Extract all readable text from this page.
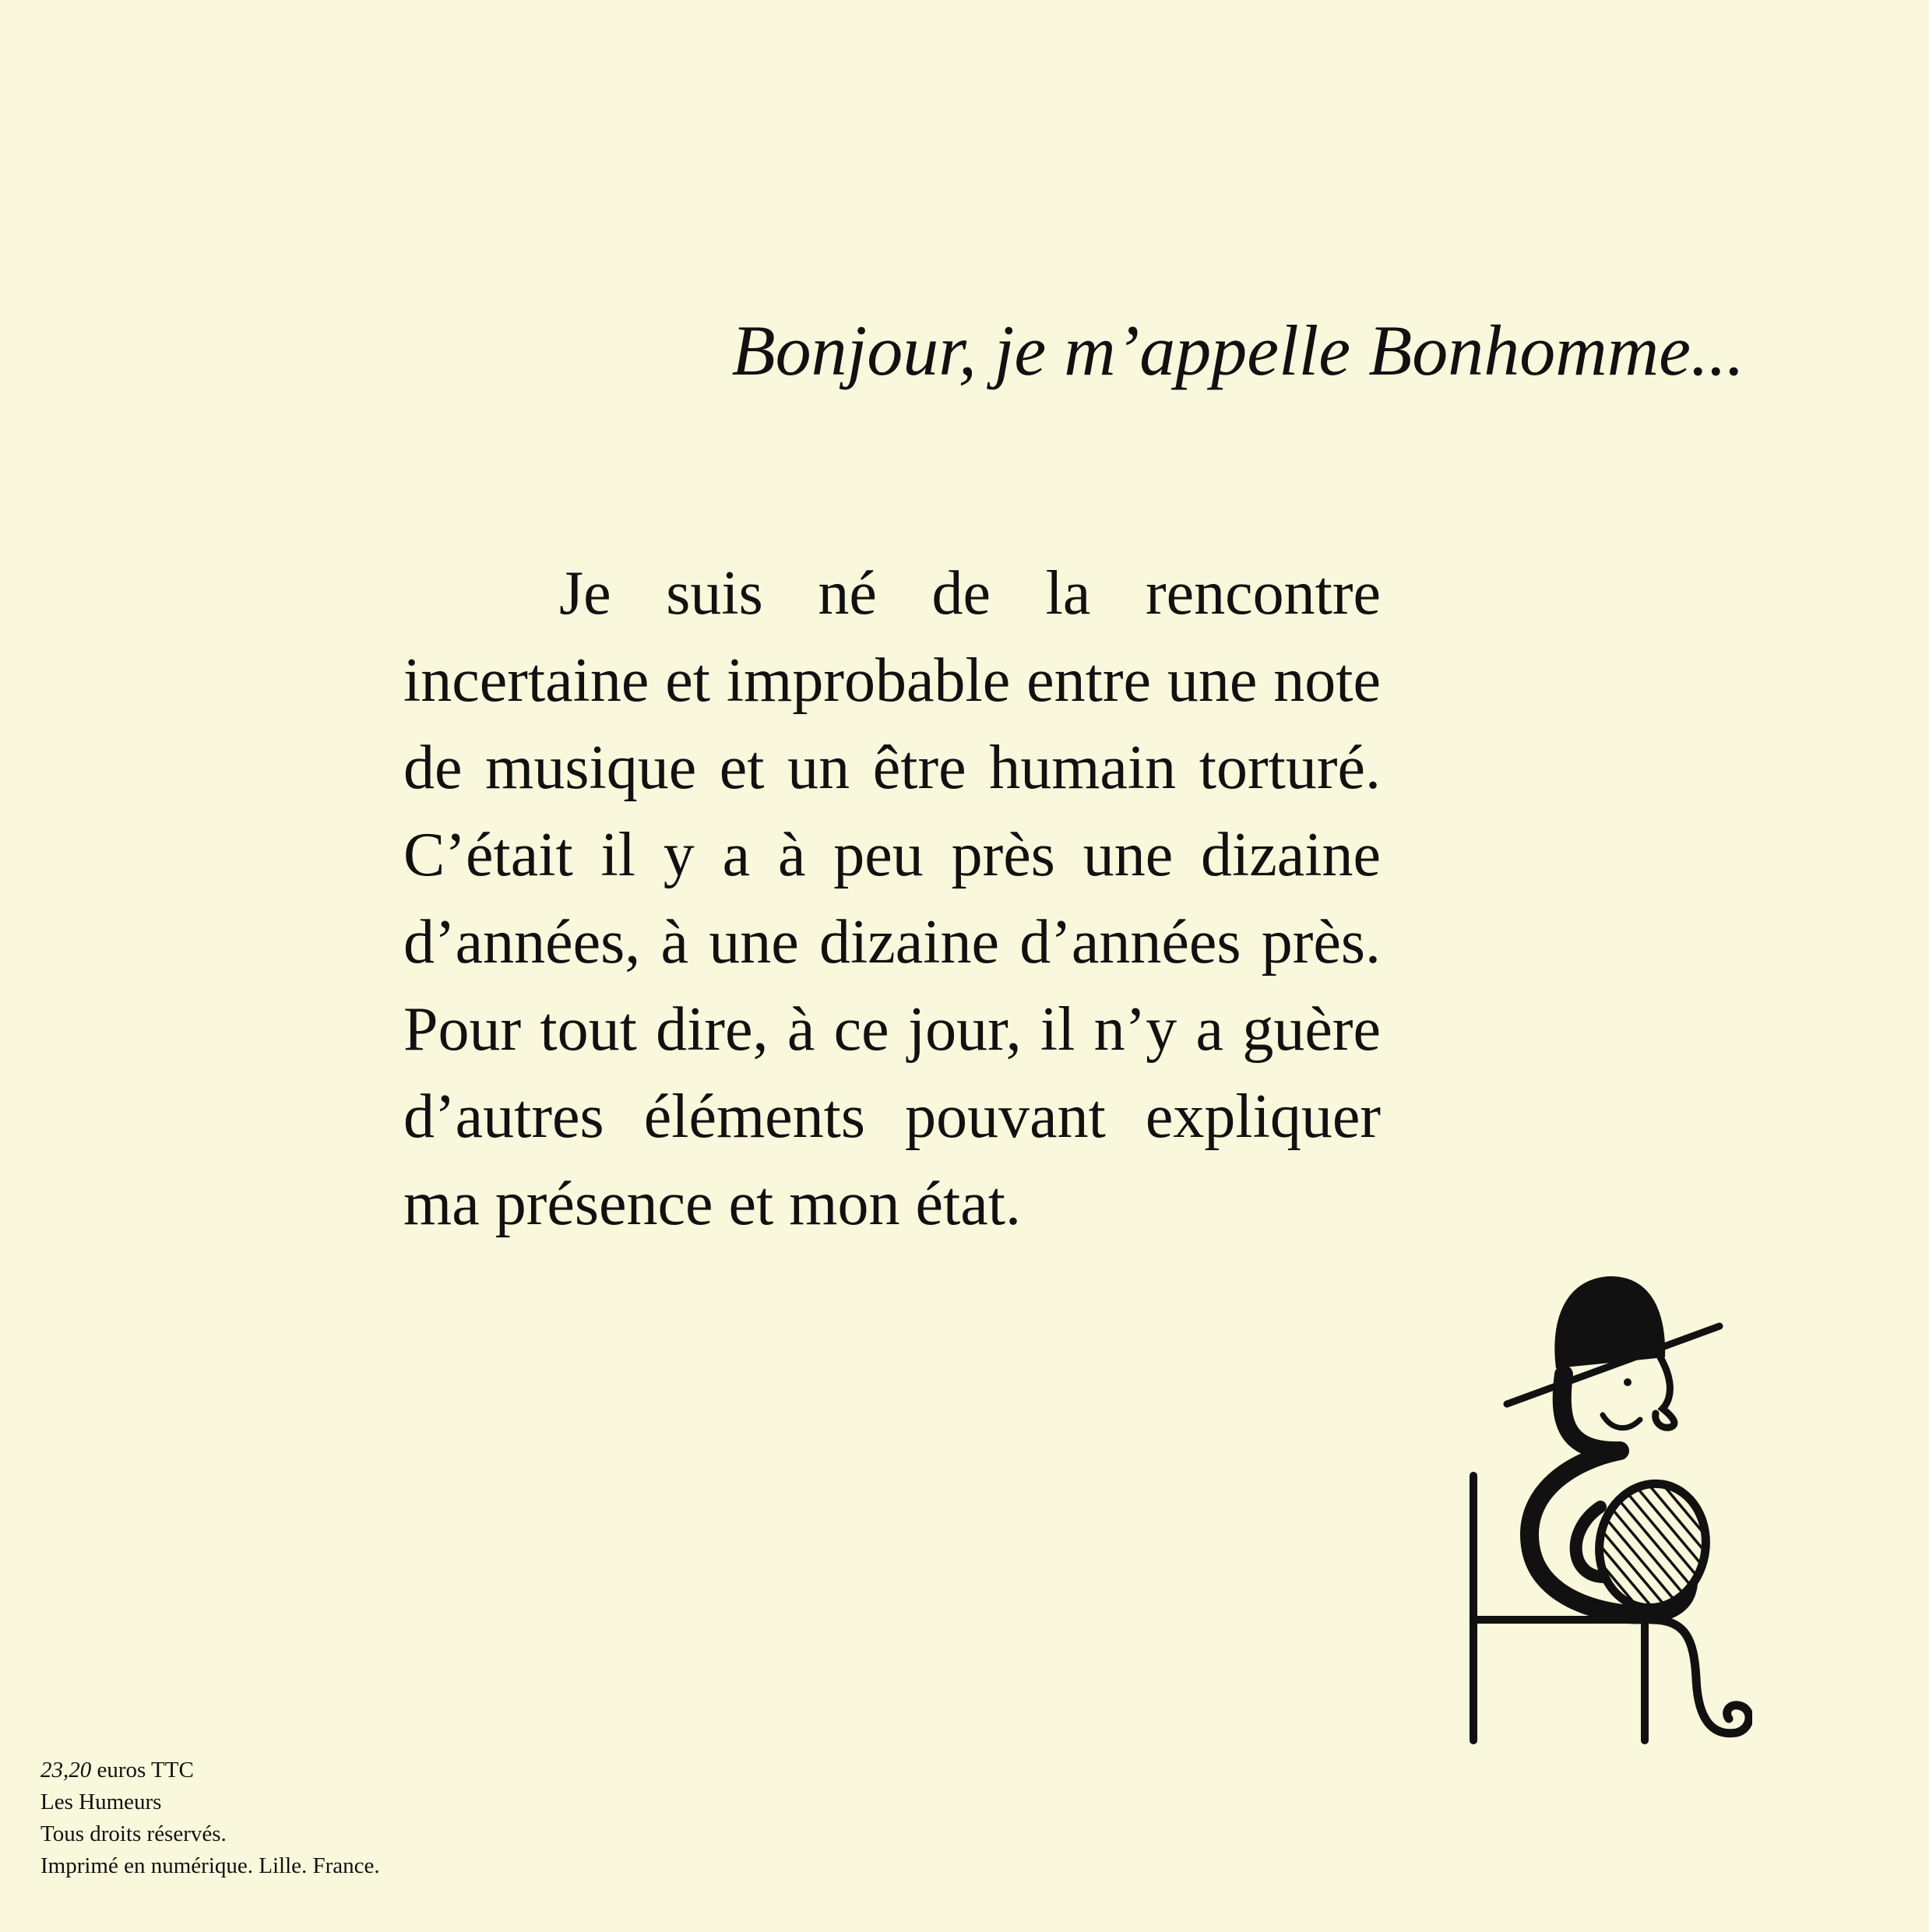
Bonjour, je m’appelle Bonhomme...

Je suis né de la rencontre incertaine et improbable entre une note de musique et un être humain torturé. C’était il y a à peu près une dizaine d’années, à une dizaine d’années près. Pour tout dire, à ce jour, il n’y a guère d’autres éléments pouvant expliquer ma présence et mon état.

23,20 euros TTC
Les Humeurs
Tous droits réservés.
Imprimé en numérique. Lille. France.
